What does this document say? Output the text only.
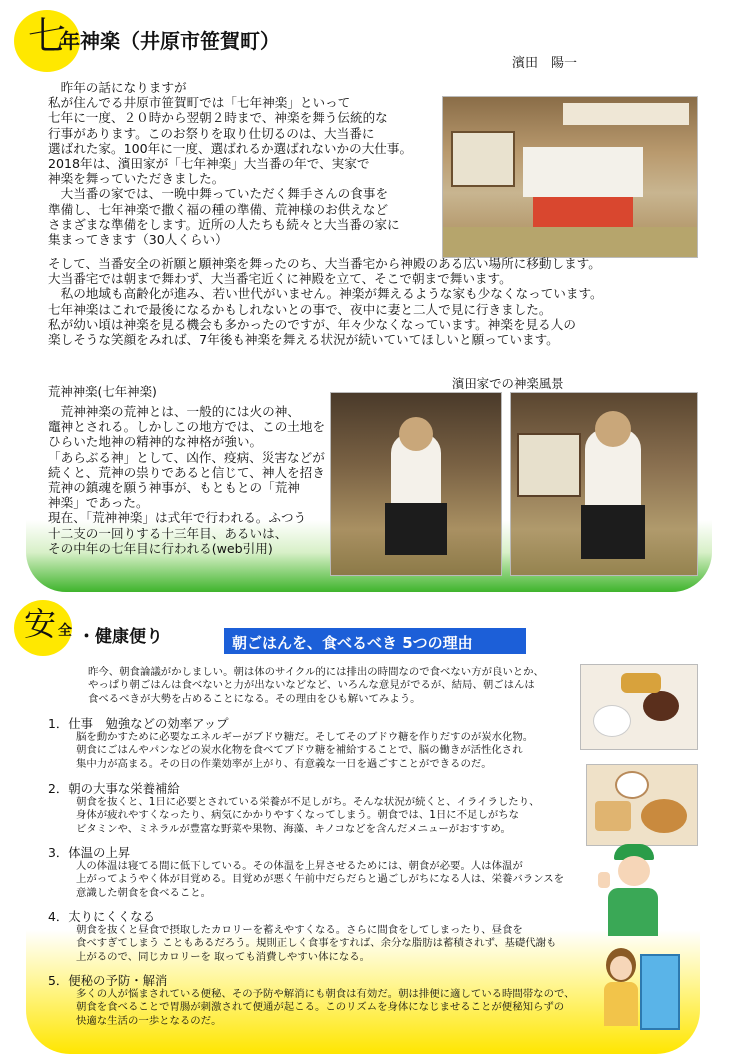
七
年神楽（井原市笹賀町）
濱田　陽一
　昨年の話になりますが
私が住んでる井原市笹賀町では「七年神楽」といって
七年に一度、２０時から翌朝２時まで、神楽を舞う伝統的な
行事があります。このお祭りを取り仕切るのは、大当番に
選ばれた家。100年に一度、選ばれるか選ばれないかの大仕事。
2018年は、濱田家が「七年神楽」大当番の年で、実家で
神楽を舞っていただきました。
　大当番の家では、一晩中舞っていただく舞手さんの食事を
準備し、七年神楽で撒く福の種の準備、荒神様のお供えなど
さまざまな準備をします。近所の人たちも続々と大当番の家に
集まってきます（30人くらい）
そして、当番安全の祈願と願神楽を舞ったのち、大当番宅から神殿のある広い場所に移動します。
大当番宅では朝まで舞わず、大当番宅近くに神殿を立て、そこで朝まで舞います。
　私の地域も高齢化が進み、若い世代がいません。神楽が舞えるような家も少なくなっています。
七年神楽はこれで最後になるかもしれないとの事で、夜中に妻と二人で見に行きました。
私が幼い頃は神楽を見る機会も多かったのですが、年々少なくなっています。神楽を見る人の
楽しそうな笑顔をみれば、7年後も神楽を舞える状況が続いていてほしいと願っています。
荒神神楽(七年神楽)
　荒神神楽の荒神とは、一般的には火の神、
竈神とされる。しかしこの地方では、この土地を
ひらいた地神の精神的な神格が強い。
「あらぶる神」として、凶作、疫病、災害などが
続くと、荒神の祟りであると信じて、神人を招き
荒神の鎮魂を願う神事が、もともとの「荒神
神楽」であった。
現在、「荒神神楽」は式年で行われる。ふつう
十二支の一回りする十三年目、あるいは、
その中年の七年目に行われる(web引用)
濱田家での神楽風景
安 全 ・健康便り	朝ごはんを、食べるべき 5つの理由
昨今、朝食論議がかしましい。朝は体のサイクル的には排出の時間なので食べない方が良いとか、
やっぱり朝ごはんは食べないと力が出ないなどなど、いろんな意見がでるが、結局、朝ごはんは
食べるべきが大勢を占めることになる。その理由をひも解いてみよう。
1．仕事　勉強などの効率アップ
脳を動かすために必要なエネルギーがブドウ糖だ。そしてそのブドウ糖を作りだすのが炭水化物。
朝食にごはんやパンなどの炭水化物を食べてブドウ糖を補給することで、脳の働きが活性化され
集中力が高まる。その日の作業効率が上がり、有意義な一日を過ごすことができるのだ。
2．朝の大事な栄養補給
朝食を抜くと、1日に必要とされている栄養が不足しがち。そんな状況が続くと、イライラしたり、
身体が疲れやすくなったり、病気にかかりやすくなってしまう。朝食では、1日に不足しがちな
ビタミンや、ミネラルが豊富な野菜や果物、海藻、キノコなどを含んだメニューがおすすめ。
3．体温の上昇
人の体温は寝てる間に低下している。その体温を上昇させるためには、朝食が必要。人は体温が
上がってようやく体が目覚める。目覚めが悪く午前中だらだらと過ごしがちになる人は、栄養バランスを
意識した朝食を食べること。
4．太りにくくなる
朝食を抜くと昼食で摂取したカロリーを蓄えやすくなる。さらに間食をしてしまったり、昼食を
食べすぎてしまう こともあるだろう。規則正しく食事をすれば、余分な脂肪は蓄積されず、基礎代謝も
上がるので、同じカロリーを 取っても消費しやすい体になる。
5．便秘の予防・解消
多くの人が悩まされている便秘、その予防や解消にも朝食は有効だ。朝は排便に適している時間帯なので、
朝食を食べることで胃腸が刺激されて便通が起こる。このリズムを身体になじませることが便秘知らずの
快適な生活の一歩となるのだ。
